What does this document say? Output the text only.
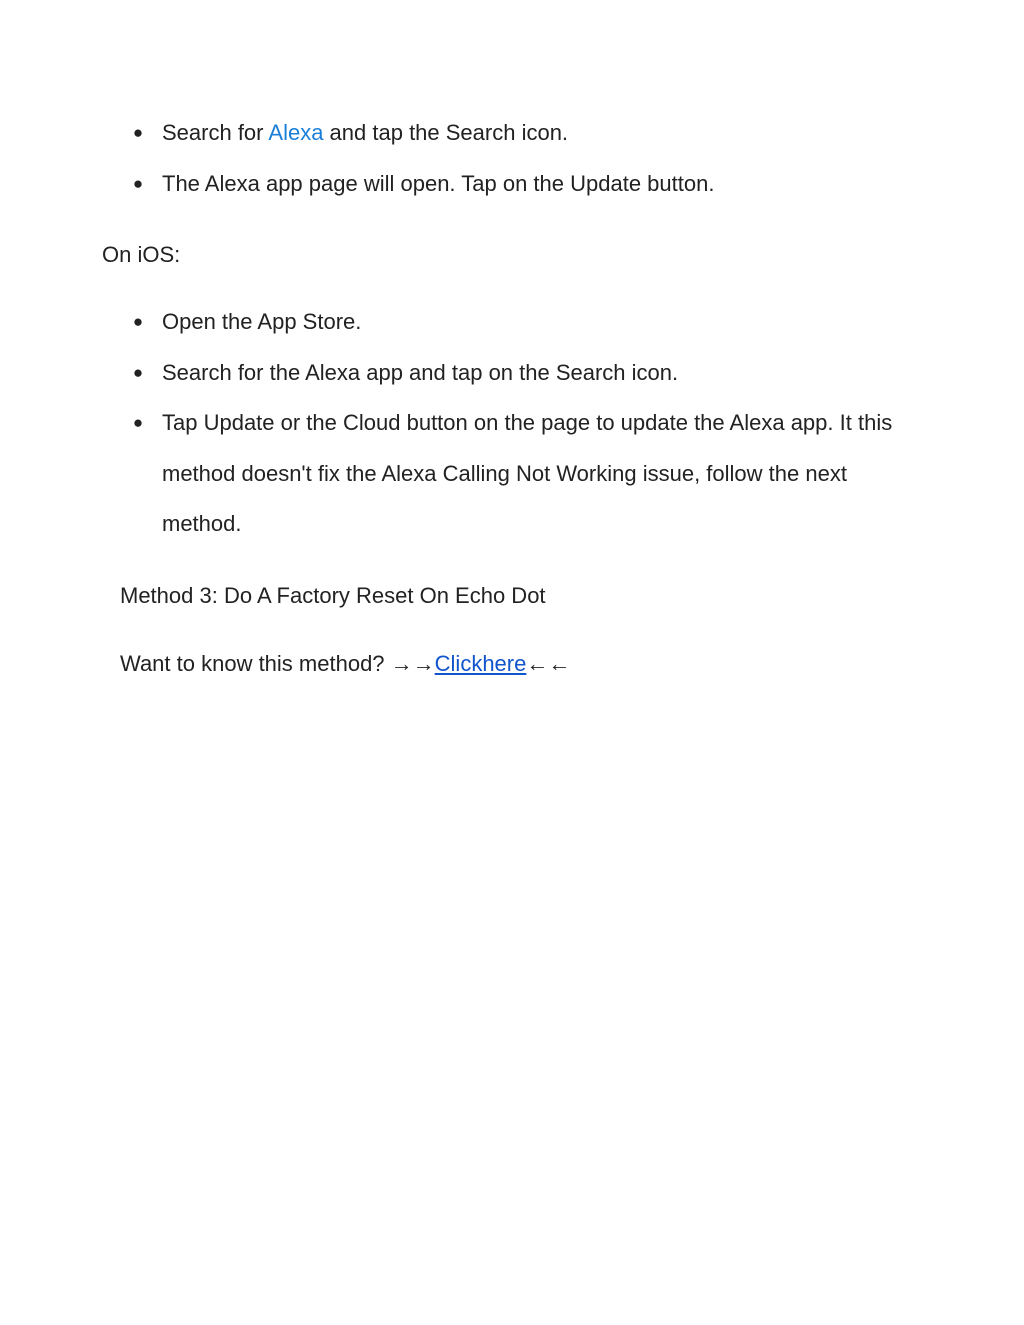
● Search for Alexa and tap the Search icon.
● The Alexa app page will open. Tap on the Update button.

On iOS:

● Open the App Store.
● Search for the Alexa app and tap on the Search icon.
● Tap Update or the Cloud button on the page to update the Alexa app. It this method doesn't fix the Alexa Calling Not Working issue, follow the next method.

Method 3: Do A Factory Reset On Echo Dot

Want to know this method? →→Clickhere←←
